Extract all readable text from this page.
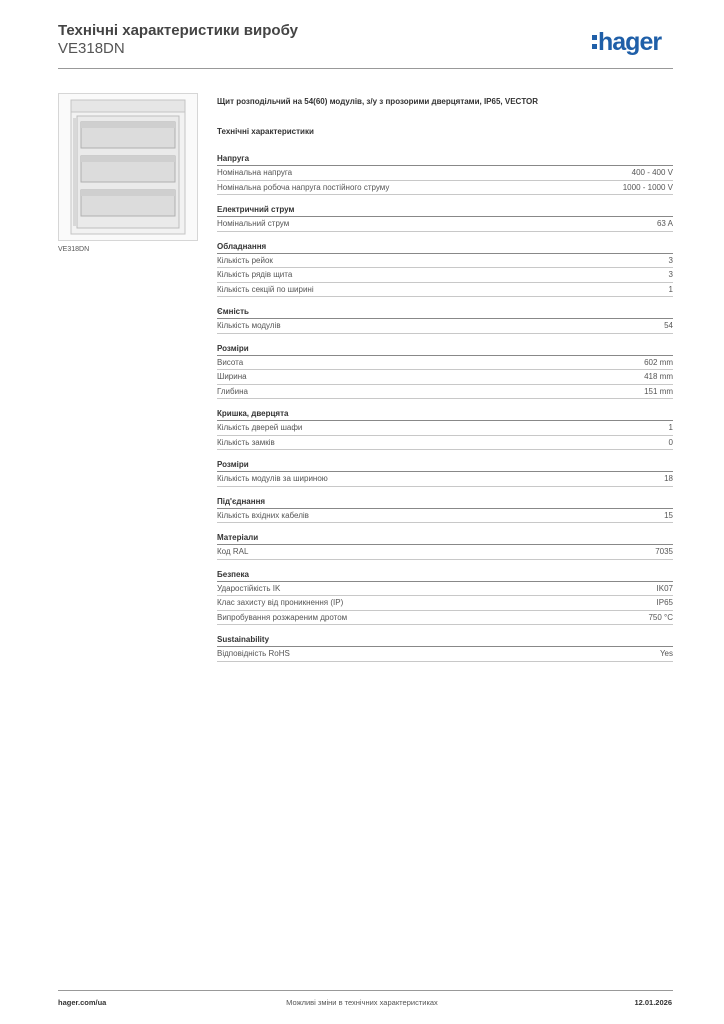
Технічні характеристики виробу
VE318DN	hager
VE318DN
Щит розподільчий на 54(60) модулів, з/у з прозорими дверцятами, IP65, VECTOR
Технічні характеристики
Напруга
Номінальна напруга	400 - 400 V
Номінальна робоча напруга постійного струму	1000 - 1000 V
Електричний струм
Номінальний струм	63 A
Обладнання
Кількість рейок	3
Кількість рядів щита	3
Кількість секцій по ширині	1
Ємність
Кількість модулів	54
Розміри
Висота	602 mm
Ширина	418 mm
Глибина	151 mm
Кришка, дверцята
Кількість дверей шафи	1
Кількість замків	0
Розміри
Кількість модулів за шириною	18
Під'єднання
Кількість вхідних кабелів	15
Матеріали
Код RAL	7035
Безпека
Ударостійкість IK	IK07
Клас захисту від проникнення (IP)	IP65
Випробування розжареним дротом	750 °C
Sustainability
Відповідність RoHS	Yes
hager.com/ua	Можливі зміни в технічних характеристиках	12.01.2026
